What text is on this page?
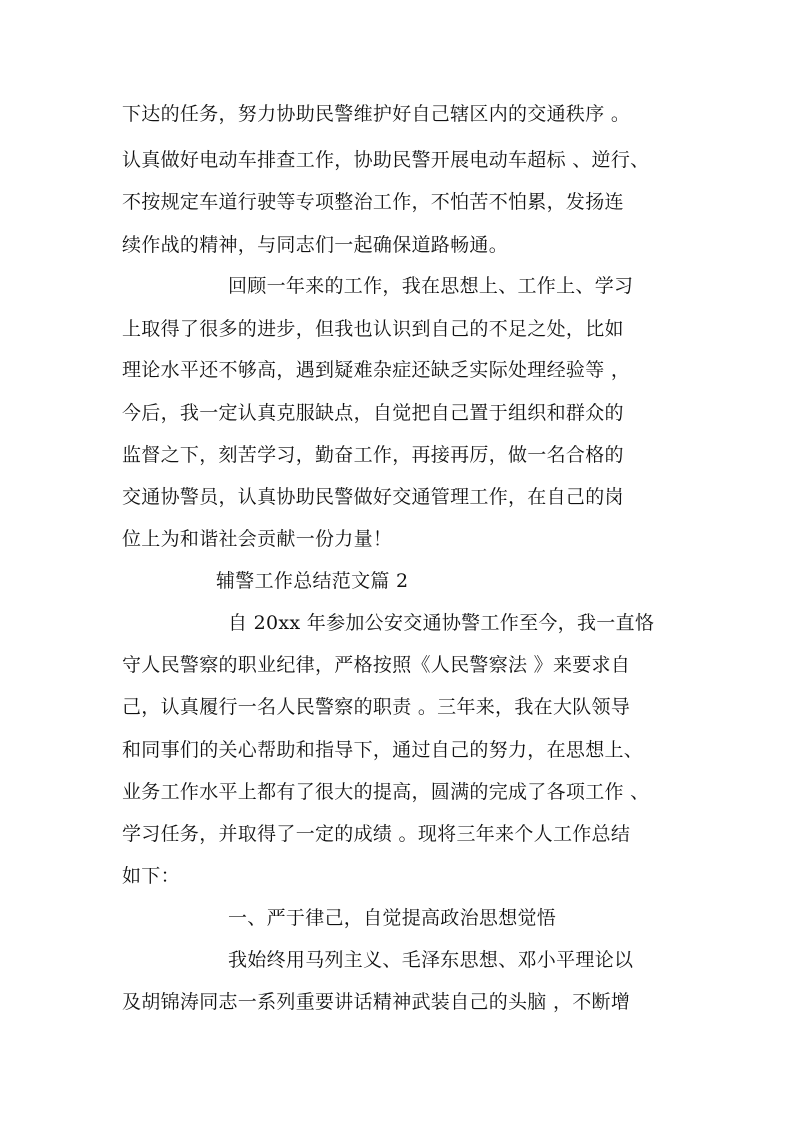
下达的任务，努力协助民警维护好自己辖区内的交通秩序 。
认真做好电动车排查工作，协助民警开展电动车超标 、逆行、
不按规定车道行驶等专项整治工作，不怕苦不怕累，发扬连
续作战的精神，与同志们一起确保道路畅通。
回顾一年来的工作，我在思想上、工作上、学习
上取得了很多的进步，但我也认识到自己的不足之处，比如
理论水平还不够高，遇到疑难杂症还缺乏实际处理经验等 ，
今后，我一定认真克服缺点，自觉把自己置于组织和群众的
监督之下，刻苦学习，勤奋工作，再接再厉，做一名合格的
交通协警员，认真协助民警做好交通管理工作，在自己的岗
位上为和谐社会贡献一份力量！
辅警工作总结范文篇 2
自 20xx 年参加公安交通协警工作至今，我一直恪
守人民警察的职业纪律，严格按照《人民警察法 》来要求自
己，认真履行一名人民警察的职责 。三年来，我在大队领导
和同事们的关心帮助和指导下，通过自己的努力，在思想上、
业务工作水平上都有了很大的提高，圆满的完成了各项工作 、
学习任务，并取得了一定的成绩 。现将三年来个人工作总结
如下：
一、严于律己，自觉提高政治思想觉悟
我始终用马列主义、毛泽东思想、邓小平理论以
及胡锦涛同志一系列重要讲话精神武装自己的头脑 ，不断增
